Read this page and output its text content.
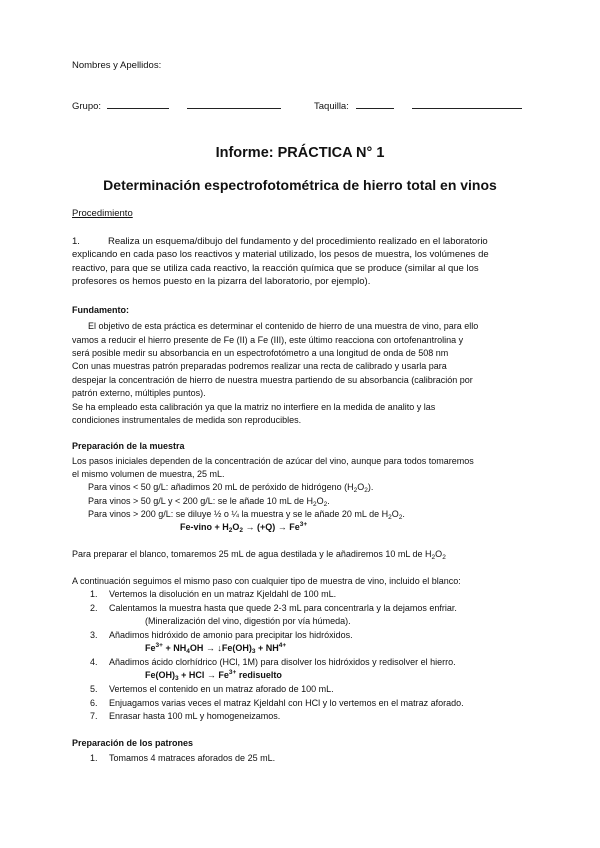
Nombres y Apellidos:
Grupo:	Taquilla:
Informe: PRÁCTICA N° 1
Determinación espectrofotométrica de hierro total en vinos
Procedimiento
1.	Realiza un esquema/dibujo del fundamento y del procedimiento realizado en el laboratorio
explicando en cada paso los reactivos y material utilizado, los pesos de muestra, los volúmenes de
reactivo, para que se utiliza cada reactivo, la reacción química que se produce (similar al que los
profesores os hemos puesto en la pizarra del laboratorio, por ejemplo).
Fundamento:
El objetivo de esta práctica es determinar el contenido de hierro de una muestra de vino, para ello
vamos a reducir el hierro presente de Fe (II) a Fe (III), este último reacciona con ortofenantrolina y
será posible medir su absorbancia en un espectrofotómetro a una longitud de onda de 508 nm
Con unas muestras patrón preparadas podremos realizar una recta de calibrado y usarla para
despejar la concentración de hierro de nuestra muestra partiendo de su absorbancia (calibración por
patrón externo, múltiples puntos).
Se ha empleado esta calibración ya que la matriz no interfiere en la medida de analito y las
condiciones instrumentales de medida son reproducibles.
Preparación de la muestra
Los pasos iniciales dependen de la concentración de azúcar del vino, aunque para todos tomaremos
el mismo volumen de muestra, 25 mL.
Para vinos < 50 g/L: añadimos 20 mL de peróxido de hidrógeno $(H_2O_2)$.
Para vinos > 50 g/L y < 200 g/L: se le añade 10 mL de $H_2O_2$.
Para vinos > 200 g/L: se diluye ½ o ¼ la muestra y se le añade 20 mL de $H_2O_2$.
Fe-vino + $H_2O_2 \to (+Q) \to Fe^{3+}$
Para preparar el blanco, tomaremos 25 mL de agua destilada y le añadiremos 10 mL de $H_2O_2$
A continuación seguimos el mismo paso con cualquier tipo de muestra de vino, incluido el blanco:
1. Vertemos la disolución en un matraz Kjeldahl de 100 mL.
2. Calentamos la muestra hasta que quede 2-3 mL para concentrarla y la dejamos enfriar.
(Mineralización del vino, digestión por vía húmeda).
3. Añadimos hidróxido de amonio para precipitar los hidróxidos.
$Fe^{3+} + NH_4OH$ → $↓Fe(OH)_3 + NH^{4+}$
4. Añadimos ácido clorhídrico (HCl, 1M) para disolver los hidróxidos y redisolver el hierro.
$Fe(OH)_3$ + HCl → $Fe^{3+}$ redisuelto
5. Vertemos el contenido en un matraz aforado de 100 mL.
6. Enjuagamos varias veces el matraz Kjeldahl con HCl y lo vertemos en el matraz aforado.
7. Enrasar hasta 100 mL y homogeneizamos.
Preparación de los patrones
1. Tomamos 4 matraces aforados de 25 mL.
